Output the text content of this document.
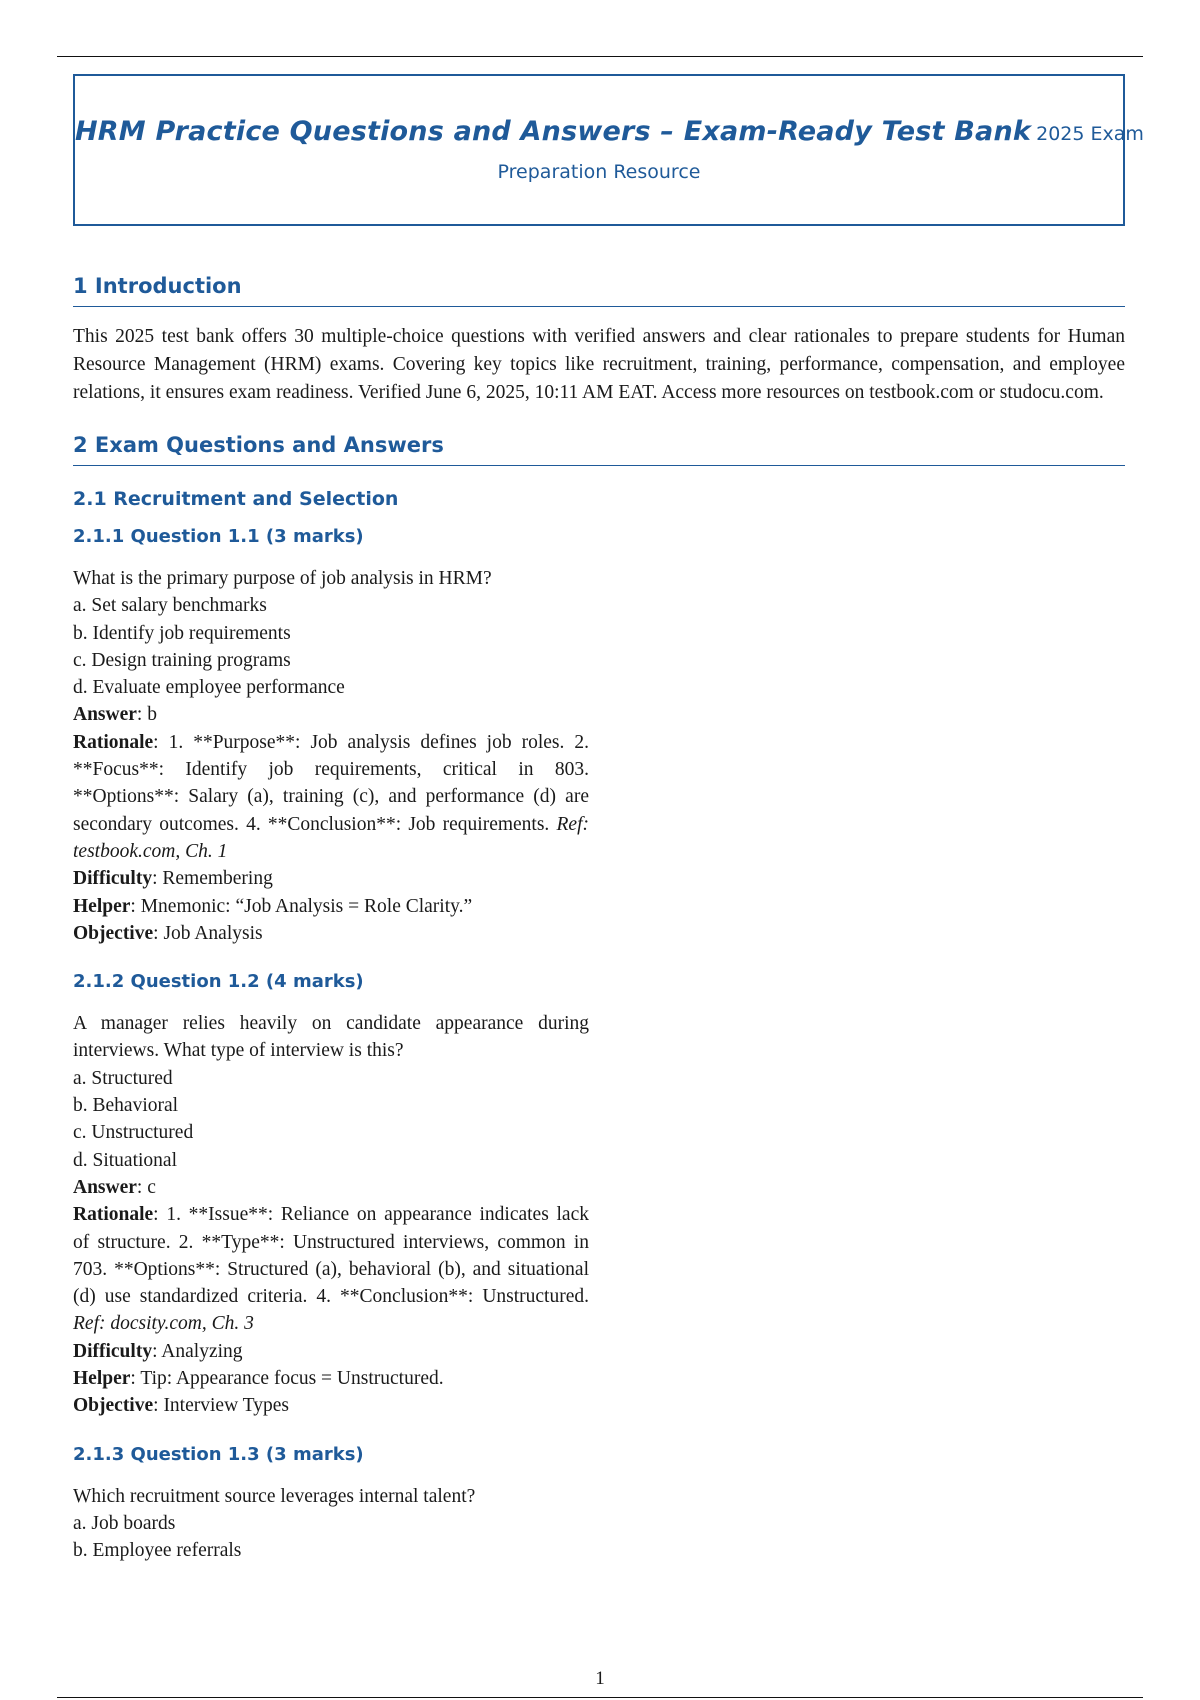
HRM Practice Questions and Answers – Exam-Ready Test Bank 2025 Exam
Preparation Resource
1 Introduction
This 2025 test bank offers 30 multiple-choice questions with verified answers and clear rationales to prepare students for Human Resource Management (HRM) exams. Covering key topics like recruitment, training, performance, compensation, and employee relations, it ensures exam readiness. Verified June 6, 2025, 10:11 AM EAT. Access more resources on testbook.com or studocu.com.
2 Exam Questions and Answers
2.1 Recruitment and Selection
2.1.1 Question 1.1 (3 marks)
What is the primary purpose of job analysis in HRM?
a. Set salary benchmarks
b. Identify job requirements
c. Design training programs
d. Evaluate employee performance
Answer: b
Rationale: 1. **Purpose**: Job analysis defines job roles. 2. **Focus**: Identify job requirements, critical in 803. **Options**: Salary (a), training (c), and performance (d) are secondary outcomes. 4. **Conclusion**: Job requirements. Ref: testbook.com, Ch. 1
Difficulty: Remembering
Helper: Mnemonic: “Job Analysis = Role Clarity.”
Objective: Job Analysis
2.1.2 Question 1.2 (4 marks)
A manager relies heavily on candidate appearance during interviews. What type of interview is this?
a. Structured
b. Behavioral
c. Unstructured
d. Situational
Answer: c
Rationale: 1. **Issue**: Reliance on appearance indicates lack of structure. 2. **Type**: Unstructured interviews, common in 703. **Options**: Structured (a), behavioral (b), and situational (d) use standardized criteria. 4. **Conclusion**: Unstructured. Ref: docsity.com, Ch. 3
Difficulty: Analyzing
Helper: Tip: Appearance focus = Unstructured.
Objective: Interview Types
2.1.3 Question 1.3 (3 marks)
Which recruitment source leverages internal talent?
a. Job boards
b. Employee referrals
1
